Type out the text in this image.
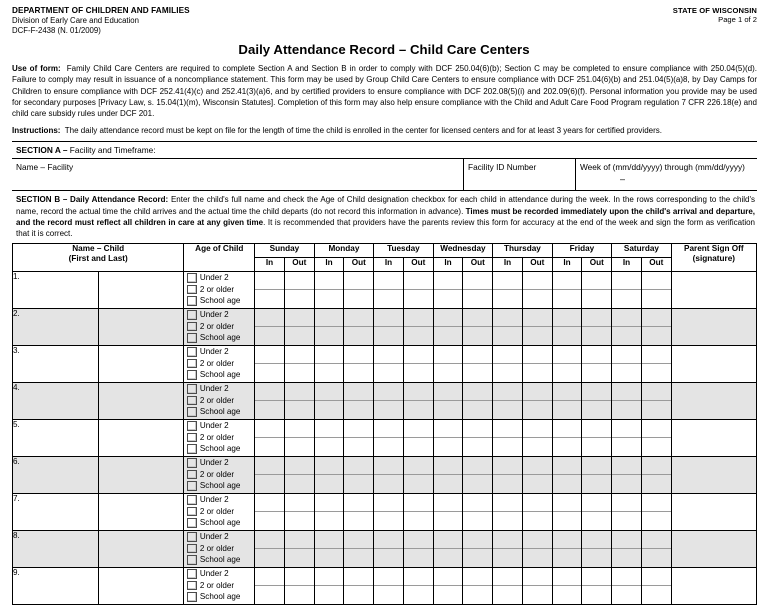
DEPARTMENT OF CHILDREN AND FAMILIES
Division of Early Care and Education
DCF-F-2438 (N. 01/2009)
STATE OF WISCONSIN
Page 1 of 2
Daily Attendance Record – Child Care Centers

Use of form: Family Child Care Centers are required to complete Section A and Section B in order to comply with DCF 250.04(6)(b); Section C may be completed to ensure compliance with 250.04(5)(d). Failure to comply may result in issuance of a noncompliance statement. This form may be used by Group Child Care Centers to ensure compliance with DCF 251.04(6)(b) and 251.04(5)(a)8, by Day Camps for Children to ensure compliance with DCF 252.41(4)(c) and 252.41(3)(a)6, and by certified providers to ensure compliance with DCF 202.08(5)(i) and 202.09(6)(f). Personal information you provide may be used for secondary purposes [Privacy Law, s. 15.04(1)(m), Wisconsin Statutes]. Completion of this form may also help ensure compliance with the Child and Adult Care Food Program regulation 7 CFR 226.18(e) and child care subsidy rules under DCF 201.

Instructions: The daily attendance record must be kept on file for the length of time the child is enrolled in the center for licensed centers and for at least 3 years for certified providers.

SECTION A – Facility and Timeframe:
Name – Facility	Facility ID Number	Week of (mm/dd/yyyy) through (mm/dd/yyyy)
–
SECTION B – Daily Attendance Record: Enter the child's full name and check the Age of Child designation checkbox for each child in attendance during the week. In the rows corresponding to the child's name, record the actual time the child arrives and the actual time the child departs (do not record this information in advance). Times must be recorded immediately upon the child's arrival and departure, and the record must reflect all children in care at any given time. It is recommended that providers have the parents review this form for accuracy at the end of the week and sign the form as verification that it is correct.
Name – Child
(First and Last)
	Age of Child	Sunday	Monday	Tuesday	Wednesday	Thursday	Friday	Saturday	Parent Sign Off
(signature)

			In	Out	In	Out	In	Out	In	Out	In	Out	In	Out	In	Out	
1.		Under 2
2 or older
School age															

2.		Under 2
2 or older
School age															

3.		Under 2
2 or older
School age															

4.		Under 2
2 or older
School age															

5.		Under 2
2 or older
School age															

6.		Under 2
2 or older
School age															

7.		Under 2
2 or older
School age															

8.		Under 2
2 or older
School age															

9.		Under 2
2 or older
School age															
